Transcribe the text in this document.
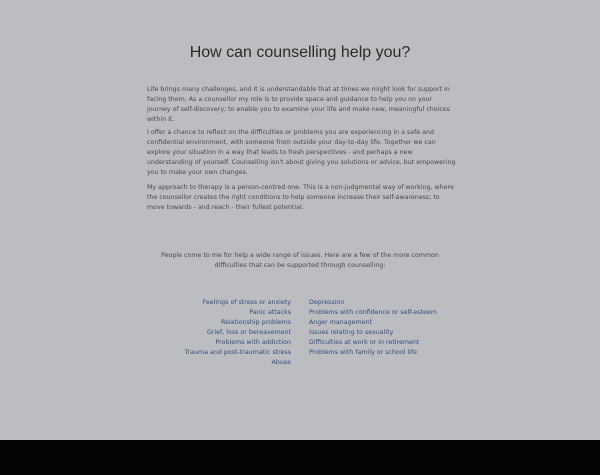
How can counselling help you?

Life brings many challenges, and it is understandable that at times we might look for support in facing them. As a counsellor my role is to provide space and guidance to help you on your journey of self-discovery; to enable you to examine your life and make new, meaningful choices within it.

I offer a chance to reflect on the difficulties or problems you are experiencing in a safe and confidential environment, with someone from outside your day-to-day life. Together we can explore your situation in a way that leads to fresh perspectives - and perhaps a new understanding of yourself. Counselling isn't about giving you solutions or advice, but empowering you to make your own changes.

My approach to therapy is a person-centred one. This is a non-judgmental way of working, where the counsellor creates the right conditions to help someone increase their self-awareness; to move towards - and reach - their fullest potential.

People come to me for help a wide range of issues. Here are a few of the more common difficulties that can be supported through counselling:

Feelings of stress or anxiety
Panic attacks
Relationship problems
Grief, loss or bereavement
Problems with addiction
Trauma and post-traumatic stress
Abuse
Depression
Problems with confidence or self-esteem
Anger management
Issues relating to sexuality
Difficulties at work or in retirement
Problems with family or school life
